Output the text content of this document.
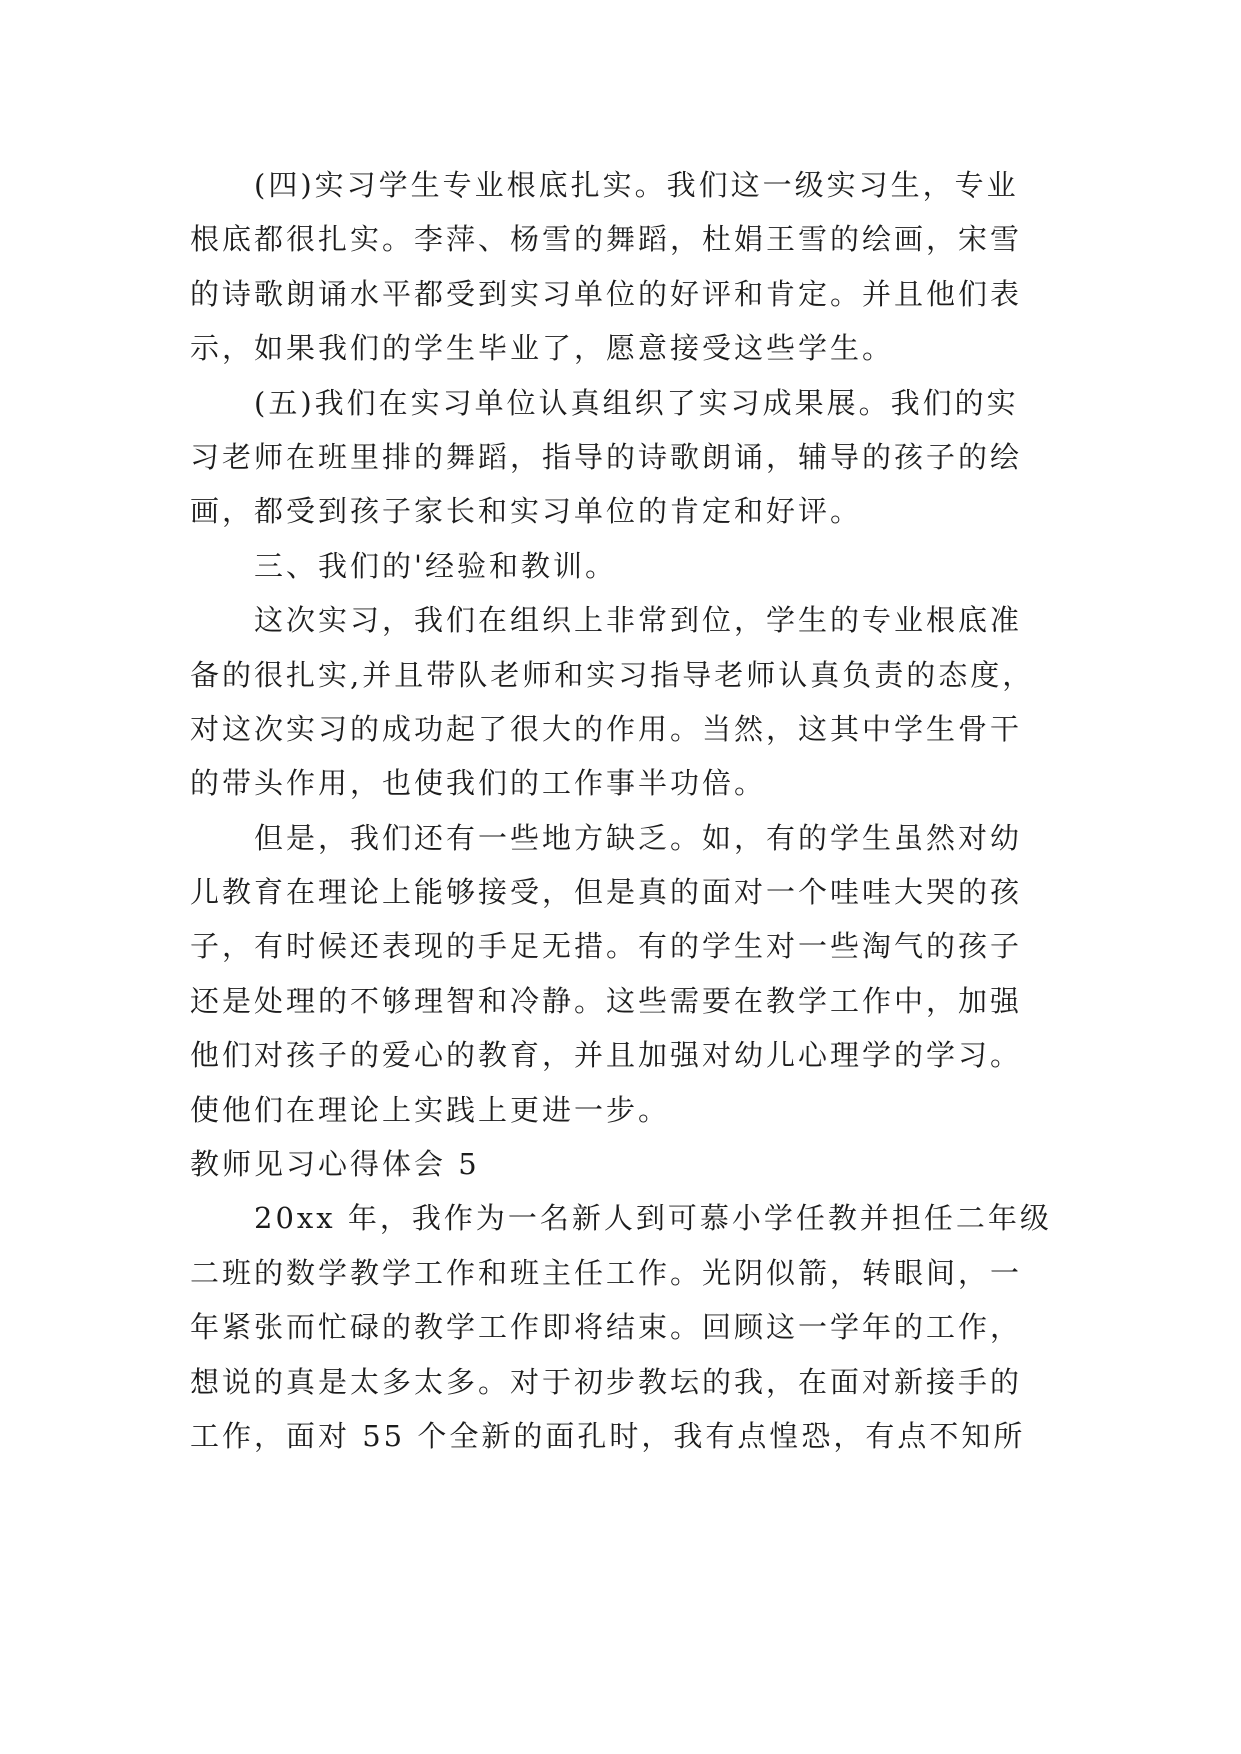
(四)实习学生专业根底扎实。我们这一级实习生，专业
根底都很扎实。李萍、杨雪的舞蹈，杜娟王雪的绘画，宋雪
的诗歌朗诵水平都受到实习单位的好评和肯定。并且他们表
示，如果我们的学生毕业了，愿意接受这些学生。
(五)我们在实习单位认真组织了实习成果展。我们的实
习老师在班里排的舞蹈，指导的诗歌朗诵，辅导的孩子的绘
画，都受到孩子家长和实习单位的肯定和好评。
三、我们的'经验和教训。
这次实习，我们在组织上非常到位，学生的专业根底准
备的很扎实,并且带队老师和实习指导老师认真负责的态度，
对这次实习的成功起了很大的作用。当然，这其中学生骨干
的带头作用，也使我们的工作事半功倍。
但是，我们还有一些地方缺乏。如，有的学生虽然对幼
儿教育在理论上能够接受，但是真的面对一个哇哇大哭的孩
子，有时候还表现的手足无措。有的学生对一些淘气的孩子
还是处理的不够理智和冷静。这些需要在教学工作中，加强
他们对孩子的爱心的教育，并且加强对幼儿心理学的学习。
使他们在理论上实践上更进一步。
教师见习心得体会 5
20xx 年，我作为一名新人到可慕小学任教并担任二年级
二班的数学教学工作和班主任工作。光阴似箭，转眼间，一
年紧张而忙碌的教学工作即将结束。回顾这一学年的工作，
想说的真是太多太多。对于初步教坛的我，在面对新接手的
工作，面对 55 个全新的面孔时，我有点惶恐，有点不知所
